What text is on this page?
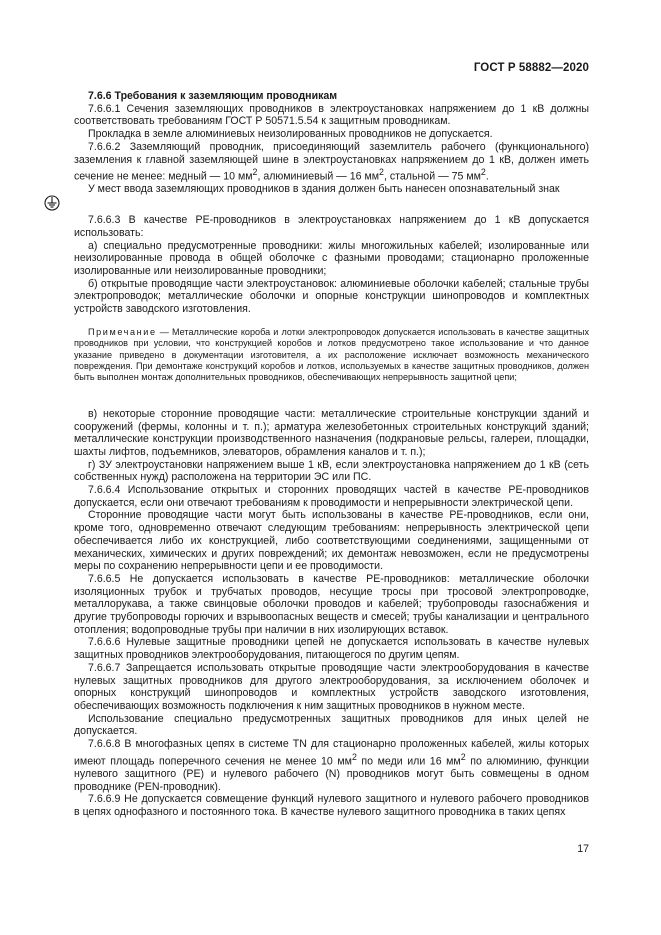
ГОСТ Р 58882—2020

7.6.6 Требования к заземляющим проводникам

7.6.6.1 Сечения заземляющих проводников в электроустановках напряжением до 1 кВ должны соответствовать требованиям ГОСТ Р 50571.5.54 к защитным проводникам.

Прокладка в земле алюминиевых неизолированных проводников не допускается.

7.6.6.2 Заземляющий проводник, присоединяющий заземлитель рабочего (функционального) заземления к главной заземляющей шине в электроустановках напряжением до 1 кВ, должен иметь сечение не менее: медный — 10 $мм^2$, алюминиевый — 16 $мм^2$, стальной — 75 $мм^2$.

У мест ввода заземляющих проводников в здания должен быть нанесен опознавательный знак

7.6.6.3 В качестве РЕ-проводников в электроустановках напряжением до 1 кВ допускается использовать:

а) специально предусмотренные проводники: жилы многожильных кабелей; изолированные или неизолированные провода в общей оболочке с фазными проводами; стационарно проложенные изолированные или неизолированные проводники;

б) открытые проводящие части электроустановок: алюминиевые оболочки кабелей; стальные трубы электропроводок; металлические оболочки и опорные конструкции шинопроводов и комплектных устройств заводского изготовления.

Примечание — Металлические короба и лотки электропроводок допускается использовать в качестве защитных проводников при условии, что конструкцией коробов и лотков предусмотрено такое использование и что данное указание приведено в документации изготовителя, а их расположение исключает возможность механического повреждения. При демонтаже конструкций коробов и лотков, используемых в качестве защитных проводников, должен быть выполнен монтаж дополнительных проводников, обеспечивающих непрерывность защитной цепи;

в) некоторые сторонние проводящие части: металлические строительные конструкции зданий и сооружений (фермы, колонны и т. п.); арматура железобетонных строительных конструкций зданий; металлические конструкции производственного назначения (подкрановые рельсы, галереи, площадки, шахты лифтов, подъемников, элеваторов, обрамления каналов и т. п.);

г) ЗУ электроустановки напряжением выше 1 кВ, если электроустановка напряжением до 1 кВ (сеть собственных нужд) расположена на территории ЭС или ПС.

7.6.6.4 Использование открытых и сторонних проводящих частей в качестве РЕ-проводников допускается, если они отвечают требованиям к проводимости и непрерывности электрической цепи.

Сторонние проводящие части могут быть использованы в качестве РЕ-проводников, если они, кроме того, одновременно отвечают следующим требованиям: непрерывность электрической цепи обеспечивается либо их конструкцией, либо соответствующими соединениями, защищенными от механических, химических и других повреждений; их демонтаж невозможен, если не предусмотрены меры по сохранению непрерывности цепи и ее проводимости.

7.6.6.5 Не допускается использовать в качестве РЕ-проводников: металлические оболочки изоляционных трубок и трубчатых проводов, несущие тросы при тросовой электропроводке, металлорукава, а также свинцовые оболочки проводов и кабелей; трубопроводы газоснабжения и другие трубопроводы горючих и взрывоопасных веществ и смесей; трубы канализации и центрального отопления; водопроводные трубы при наличии в них изолирующих вставок.

7.6.6.6 Нулевые защитные проводники цепей не допускается использовать в качестве нулевых защитных проводников электрооборудования, питающегося по другим цепям.

7.6.6.7 Запрещается использовать открытые проводящие части электрооборудования в качестве нулевых защитных проводников для другого электрооборудования, за исключением оболочек и опорных конструкций шинопроводов и комплектных устройств заводского изготовления, обеспечивающих возможность подключения к ним защитных проводников в нужном месте.

Использование специально предусмотренных защитных проводников для иных целей не допускается.

7.6.6.8 В многофазных цепях в системе TN для стационарно проложенных кабелей, жилы которых имеют площадь поперечного сечения не менее 10 $мм^2$ по меди или 16 $мм^2$ по алюминию, функции нулевого защитного (РЕ) и нулевого рабочего (N) проводников могут быть совмещены в одном проводнике (PEN-проводник).

7.6.6.9 Не допускается совмещение функций нулевого защитного и нулевого рабочего проводников в цепях однофазного и постоянного тока. В качестве нулевого защитного проводника в таких цепях

17
